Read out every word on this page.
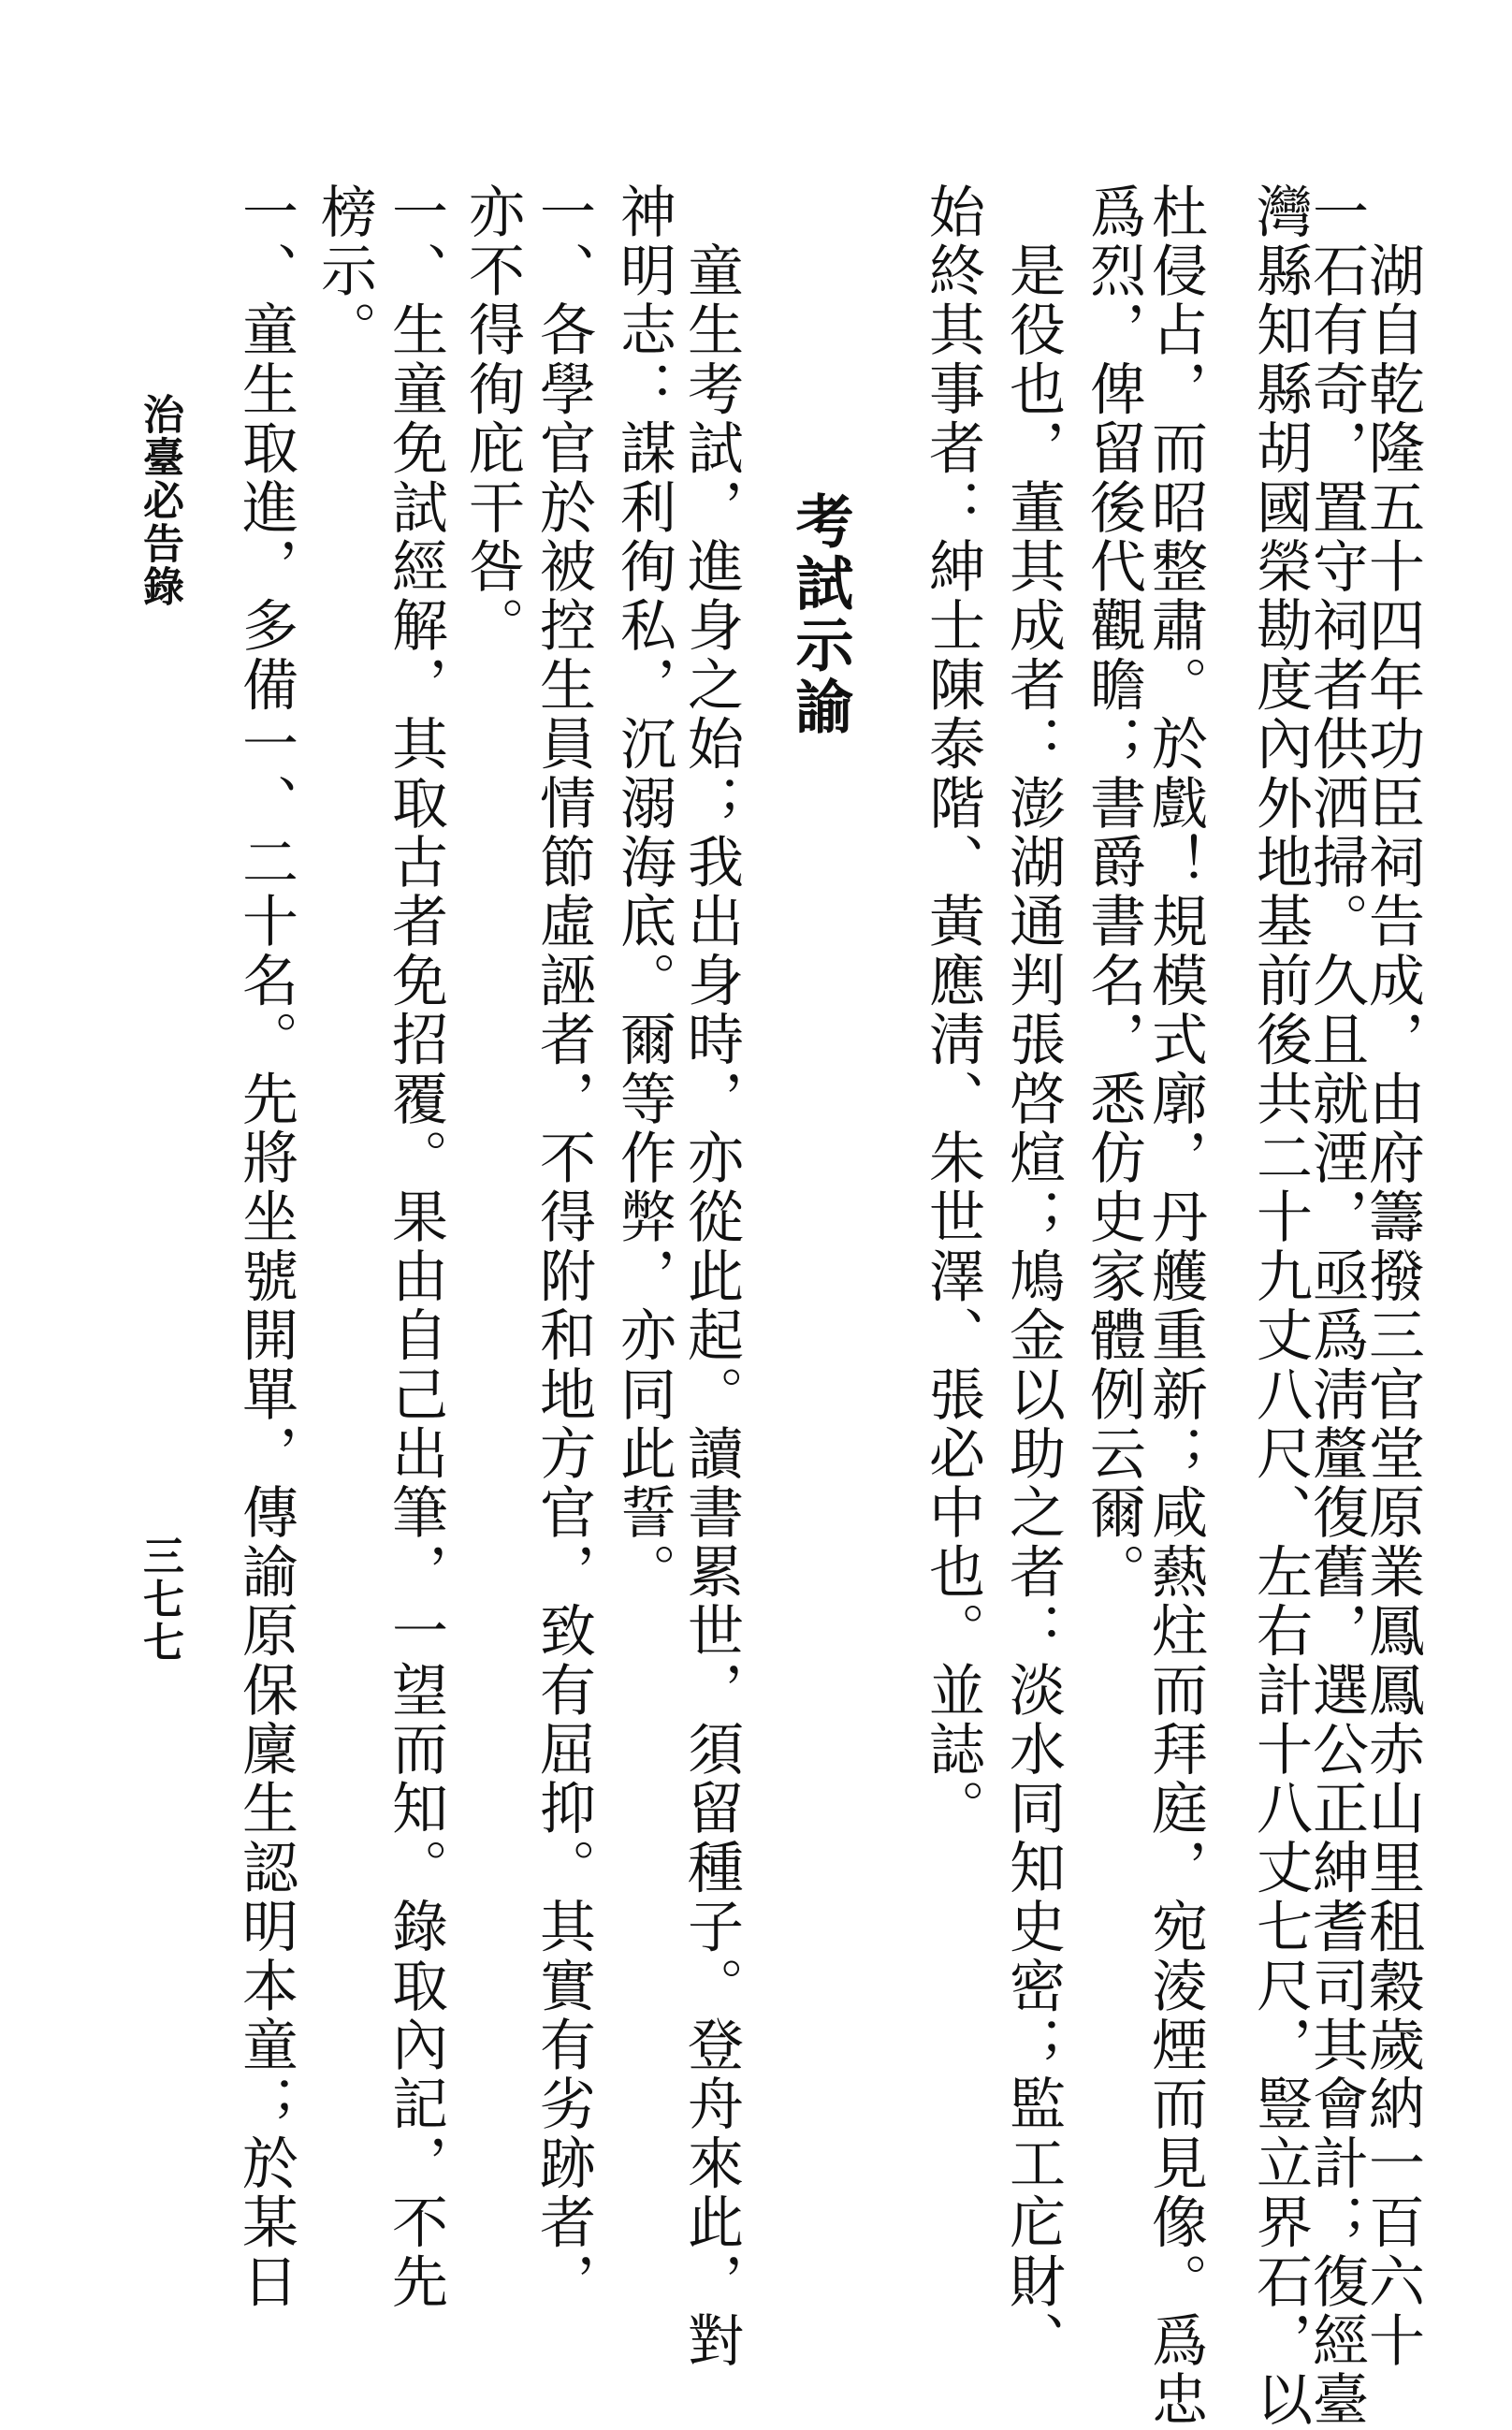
　湖自乾隆五十四年功臣祠告成，由府籌撥三官堂原業鳳鳳赤山里租穀歲納一百六十
一石有奇，置守祠者供洒掃。久且就湮，亟爲淸釐復舊，選公正紳耆司其會計；復經臺
灣縣知縣胡國榮勘度內外地基前後共二十九丈八尺、左右計十八丈七尺，豎立界石，以
杜侵占，而昭整肅。於戲！規模式廓，丹艧重新；咸爇炷而拜庭，宛淩煙而見像。爲忠
爲烈，俾留後代觀瞻；書爵書名，悉仿史家體例云爾。
　是役也，董其成者：澎湖通判張啓煊；鳩金以助之者：淡水同知史密；監工庀財、
始終其事者：紳士陳泰階、黃應淸、朱世澤、張必中也。並誌。
　　　　　考試示諭
　童生考試，進身之始；我出身時，亦從此起。讀書累世，須留種子。登舟來此，對
神明志：謀利徇私，沉溺海底。爾等作弊，亦同此誓。
一、各學官於被控生員情節虛誣者，不得附和地方官，致有屈抑。其實有劣跡者，
亦不得徇庇干咎。
一、生童免試經解，其取古者免招覆。果由自己出筆，一望而知。錄取內記，不先
榜示。
一、童生取進，多備一、二十名。先將坐號開單，傳諭原保廩生認明本童；於某日
治臺必告錄
三七七
